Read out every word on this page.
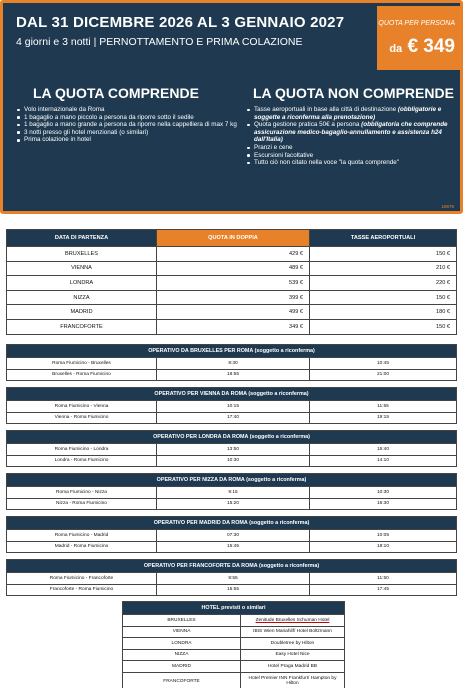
DAL 31 DICEMBRE 2026 AL 3 GENNAIO 2027
4 giorni e 3 notti | PERNOTTAMENTO E PRIMA COLAZIONE
QUOTA PER PERSONA
da € 349
LA QUOTA COMPRENDE
Volo internazionale da Roma
1 bagaglio a mano piccolo a persona da riporre sotto il sedile
1 bagaglio a mano grande a persona da riporre nella cappelliera di max 7 kg
3 notti presso gli hotel menzionati (o similari)
Prima colazione in hotel
LA QUOTA NON COMPRENDE
Tasse aeroportuali in base alla città di destinazione (obbligatorie e soggette a riconferma alla prenotazione)
Quota gestione pratica 50€ a persona (obbligatoria che comprende assicurazione medico-bagaglio-annullamento e assistenza h24 dall'Italia)
Pranzi e cene
Escursioni facoltative
Tutto ciò non citato nella voce "la quota comprende"
18679
DATA DI PARTENZA	QUOTA IN DOPPIA	TASSE AEROPORTUALI
BRUXELLES	429 €	150 €
VIENNA	489 €	210 €
LONDRA	539 €	220 €
NIZZA	399 €	150 €
MADRID	499 €	180 €
FRANCOFORTE	349 €	150 €
OPERATIVO DA BRUXELLES PER ROMA (soggetto a riconferma)		
Roma Fiumicino - Bruxelles	8:30	10:45
Bruxelles - Roma Fiumicino	18:55	21:00
OPERATIVO PER VIENNA DA ROMA (soggetto a riconferma)		
Roma Fiumicino - Vienna	10:15	11:55
Vienna - Roma Fiumicino	17:40	19:15
OPERATIVO PER LONDRA DA ROMA (soggetto a riconferma)		
Roma Fiumicino - Londra	13:50	15:40
Londra - Roma Fiumicino	10:30	14:10
OPERATIVO PER NIZZA DA ROMA (soggetto a riconferma)		
Roma Fiumicino - Nizza	9:15	10:30
Nizza - Roma Fiumicino	15:20	16:30
OPERATIVO PER MADRID DA ROMA (soggetto a riconferma)		
Roma Fiumicino - Madrid	07:30	10:05
Madrid - Roma Fiumicino	15:45	18:10
OPERATIVO PER FRANCOFORTE DA ROMA (soggetto a riconferma)		
Roma Fiumicino - Francoforte	9:55	11:50
Francoforte - Roma Fiumicino	15:55	17:45
HOTEL previsti o similari	
BRUXELLES	Zenitude Bruxelles Schuman Hotel
VIENNA	IBIS Wien Mariahilf/ Hotel Boltzmann
LONDRA	Doubletree by Hilton
NIZZA	Easy Hotel Nice
MADRID	Hotel Praga Madrid BB
FRANCOFORTE	Hotel Premier INN Frankfurt/ Hampton by Hilton
